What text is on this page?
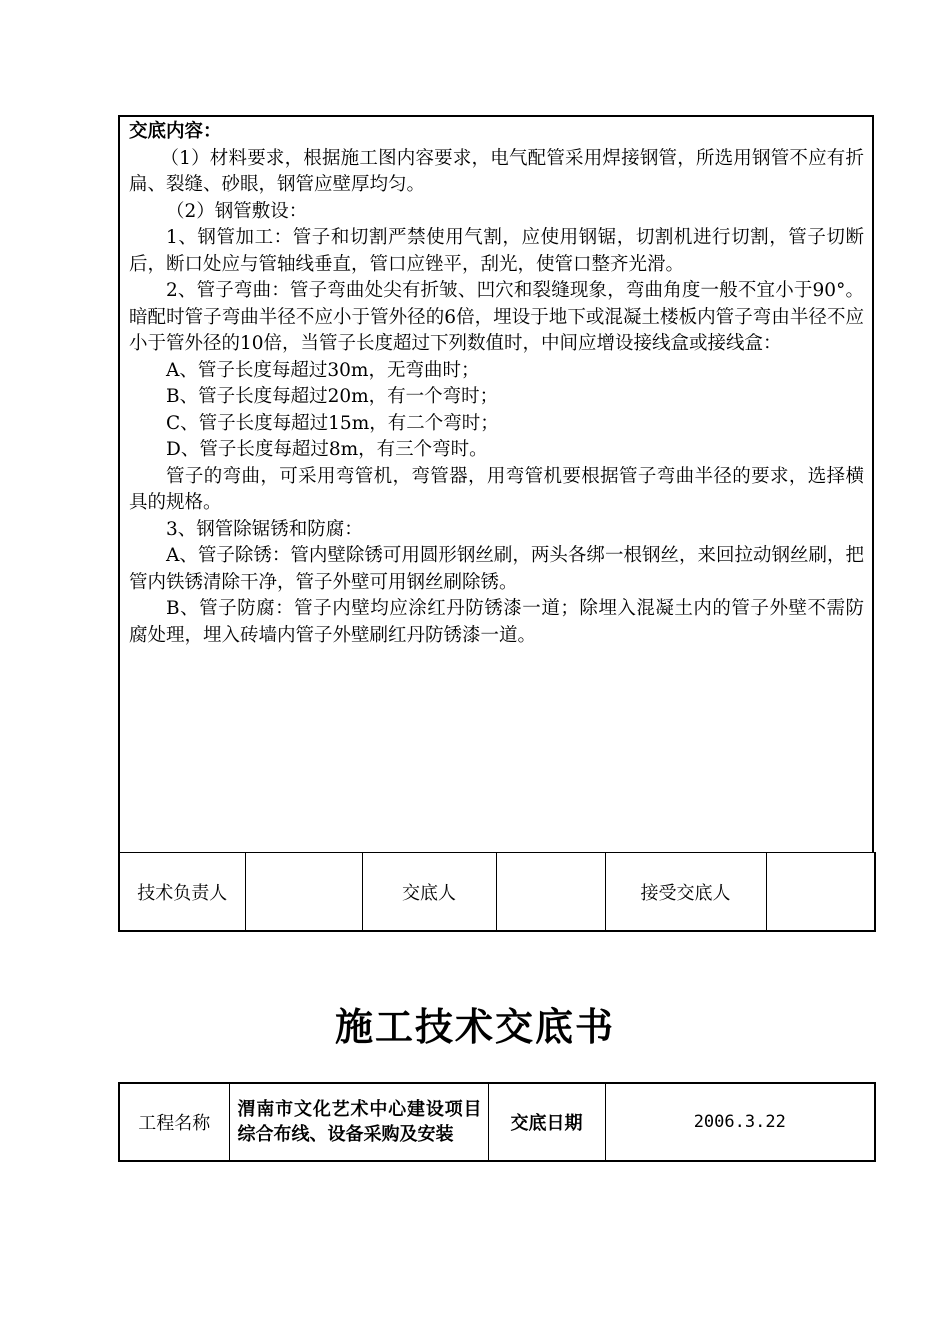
交底内容：

（1）材料要求，根据施工图内容要求，电气配管采用焊接钢管，所选用钢管不应有折扁、裂缝、砂眼，钢管应壁厚均匀。

（2）钢管敷设：

1、钢管加工：管子和切割严禁使用气割，应使用钢锯，切割机进行切割，管子切断后，断口处应与管轴线垂直，管口应锉平，刮光，使管口整齐光滑。

2、管子弯曲：管子弯曲处尖有折皱、凹穴和裂缝现象，弯曲角度一般不宜小于90°。暗配时管子弯曲半径不应小于管外径的6倍，埋设于地下或混凝土楼板内管子弯由半径不应小于管外径的10倍，当管子长度超过下列数值时，中间应增设接线盒或接线盒：

A、管子长度每超过30m，无弯曲时；

B、管子长度每超过20m，有一个弯时；

C、管子长度每超过15m，有二个弯时；

D、管子长度每超过8m，有三个弯时。

管子的弯曲，可采用弯管机，弯管器，用弯管机要根据管子弯曲半径的要求，选择横具的规格。

3、钢管除锯锈和防腐：

A、管子除锈：管内壁除锈可用圆形钢丝刷，两头各绑一根钢丝，来回拉动钢丝刷，把管内铁锈清除干净，管子外壁可用钢丝刷除锈。

B、管子防腐：管子内壁均应涂红丹防锈漆一道；除埋入混凝土内的管子外壁不需防腐处理，埋入砖墙内管子外壁刷红丹防锈漆一道。

技术负责人		交底人		接受交底人	
施工技术交底书
工程名称	渭南市文化艺术中心建设项目综合布线、设备采购及安装	交底日期	2006.3.22
